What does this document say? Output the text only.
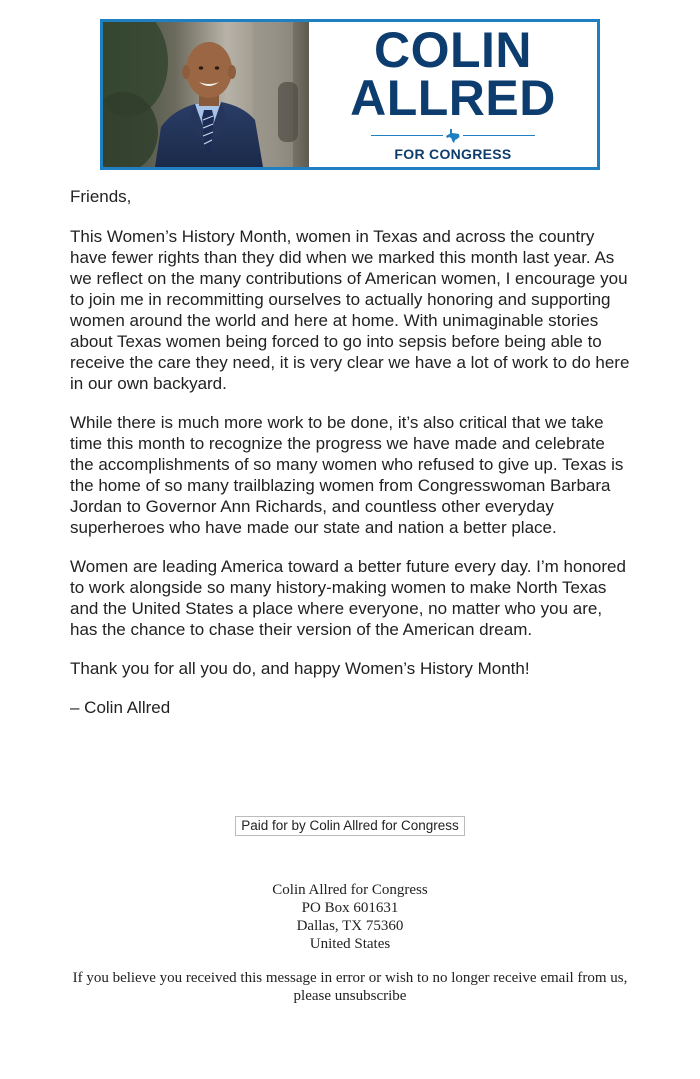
COLIN
ALLRED
FOR CONGRESS

Friends,

This Women’s History Month, women in Texas and across the country have fewer rights than they did when we marked this month last year. As we reflect on the many contributions of American women, I encourage you to join me in recommitting ourselves to actually honoring and supporting women around the world and here at home. With unimaginable stories about Texas women being forced to go into sepsis before being able to receive the care they need, it is very clear we have a lot of work to do here in our own backyard.

While there is much more work to be done, it’s also critical that we take time this month to recognize the progress we have made and celebrate the accomplishments of so many women who refused to give up. Texas is the home of so many trailblazing women from Congresswoman Barbara Jordan to Governor Ann Richards, and countless other everyday superheroes who have made our state and nation a better place.

Women are leading America toward a better future every day. I’m honored to work alongside so many history-making women to make North Texas and the United States a place where everyone, no matter who you are, has the chance to chase their version of the American dream.

Thank you for all you do, and happy Women’s History Month!

– Colin Allred

Paid for by Colin Allred for Congress
Colin Allred for Congress
PO Box 601631
Dallas, TX 75360
United States
If you believe you received this message in error or wish to no longer receive email from us, please unsubscribe
